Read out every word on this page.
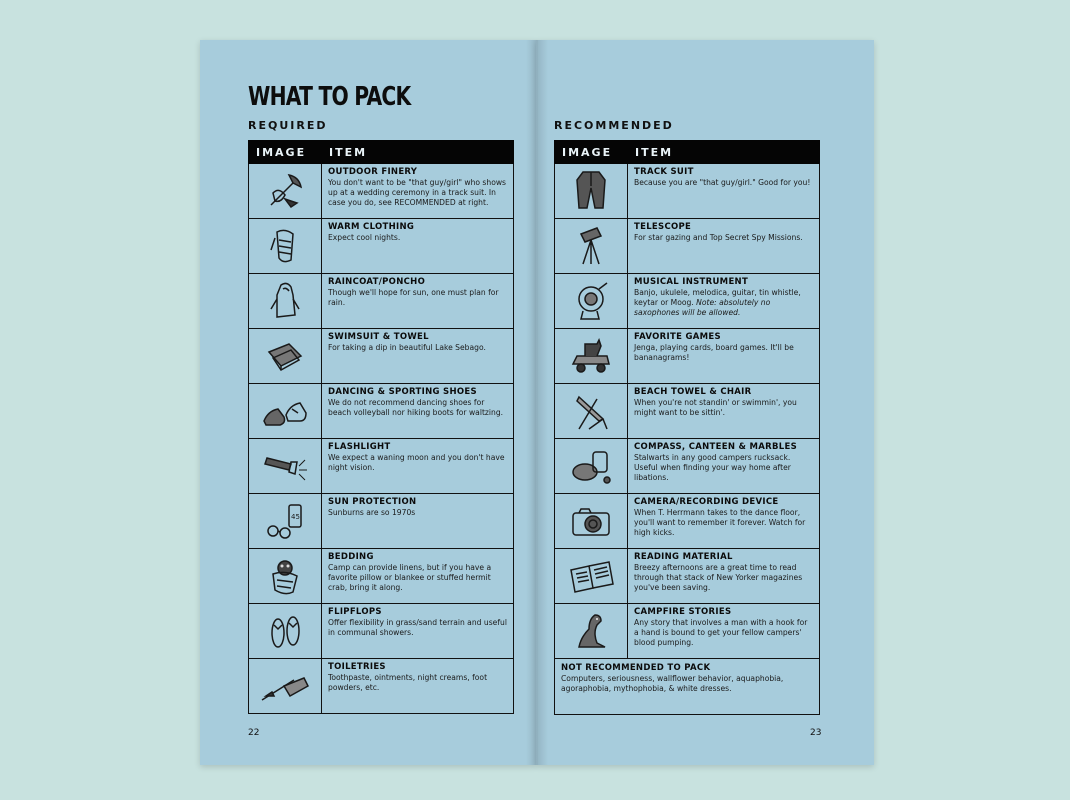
WHAT TO PACK
REQUIRED
IMAGE	ITEM

OUTDOOR FINERY
You don't want to be "that guy/girl" who shows up at a wedding ceremony in a track suit. In case you do, see RECOMMENDED at right.

WARM CLOTHING
Expect cool nights.

RAINCOAT/PONCHO
Though we'll hope for sun, one must plan for rain.

SWIMSUIT & TOWEL
For taking a dip in beautiful Lake Sebago.

DANCING & SPORTING SHOES
We do not recommend dancing shoes for beach volleyball nor hiking boots for waltzing.

FLASHLIGHT
We expect a waning moon and you don't have night vision.

45	SUN PROTECTION
Sunburns are so 1970s

BEDDING
Camp can provide linens, but if you have a favorite pillow or blankee or stuffed hermit crab, bring it along.

FLIPFLOPS
Offer flexibility in grass/sand terrain and useful in communal showers.

TOILETRIES
Toothpaste, ointments, night creams, foot powders, etc.
22
RECOMMENDED
IMAGE	ITEM

TRACK SUIT
Because you are "that guy/girl." Good for you!

TELESCOPE
For star gazing and Top Secret Spy Missions.

MUSICAL INSTRUMENT
Banjo, ukulele, melodica, guitar, tin whistle, keytar or Moog. Note: absolutely no saxophones will be allowed.

FAVORITE GAMES
Jenga, playing cards, board games. It'll be bananagrams!

BEACH TOWEL & CHAIR
When you're not standin' or swimmin', you might want to be sittin'.

COMPASS, CANTEEN & MARBLES
Stalwarts in any good campers rucksack. Useful when finding your way home after libations.

CAMERA/RECORDING DEVICE
When T. Herrmann takes to the dance floor, you'll want to remember it forever. Watch for high kicks.

READING MATERIAL
Breezy afternoons are a great time to read through that stack of New Yorker magazines you've been saving.

CAMPFIRE STORIES
Any story that involves a man with a hook for a hand is bound to get your fellow campers' blood pumping.

NOT RECOMMENDED TO PACK
Computers, seriousness, wallflower behavior, aquaphobia, agoraphobia, mythophobia, & white dresses.	
23
